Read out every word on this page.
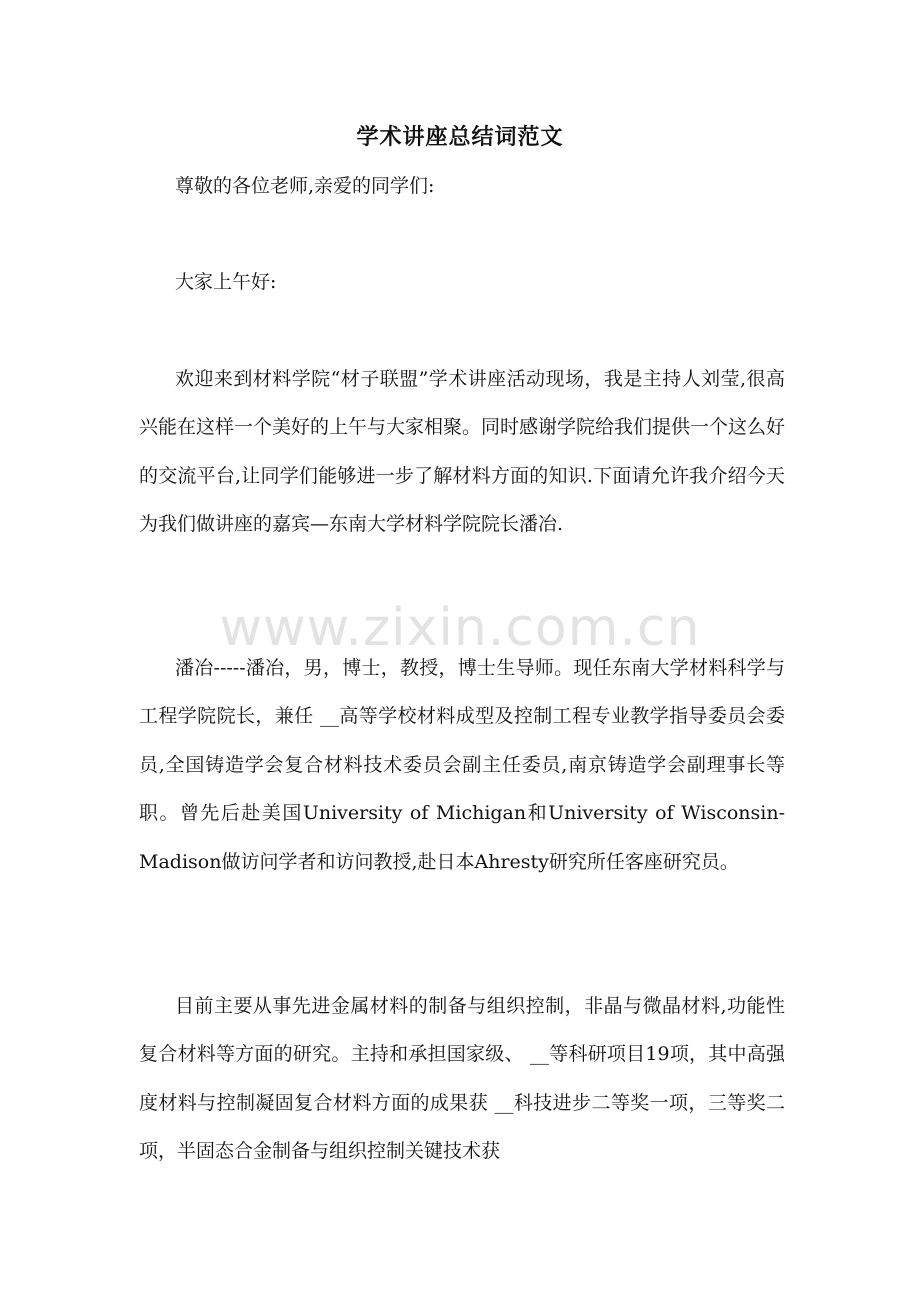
学术讲座总结词范文

尊敬的各位老师,亲爱的同学们:

大家上午好:

欢迎来到材料学院“材子联盟”学术讲座活动现场，我是主持人刘莹,很高兴能在这样一个美好的上午与大家相聚。同时感谢学院给我们提供一个这么好的交流平台,让同学们能够进一步了解材料方面的知识.下面请允许我介绍今天为我们做讲座的嘉宾—东南大学材料学院院长潘冶.

www.zixin.com.cn

潘冶-----潘冶，男，博士，教授，博士生导师。现任东南大学材料科学与工程学院院长，兼任 __高等学校材料成型及控制工程专业教学指导委员会委员,全国铸造学会复合材料技术委员会副主任委员,南京铸造学会副理事长等职。曾先后赴美国University of Michigan和University of Wisconsin-Madison做访问学者和访问教授,赴日本Ahresty研究所任客座研究员。

目前主要从事先进金属材料的制备与组织控制，非晶与微晶材料,功能性复合材料等方面的研究。主持和承担国家级、 __等科研项目19项，其中高强度材料与控制凝固复合材料方面的成果获 __科技进步二等奖一项，三等奖二项，半固态合金制备与组织控制关键技术获
